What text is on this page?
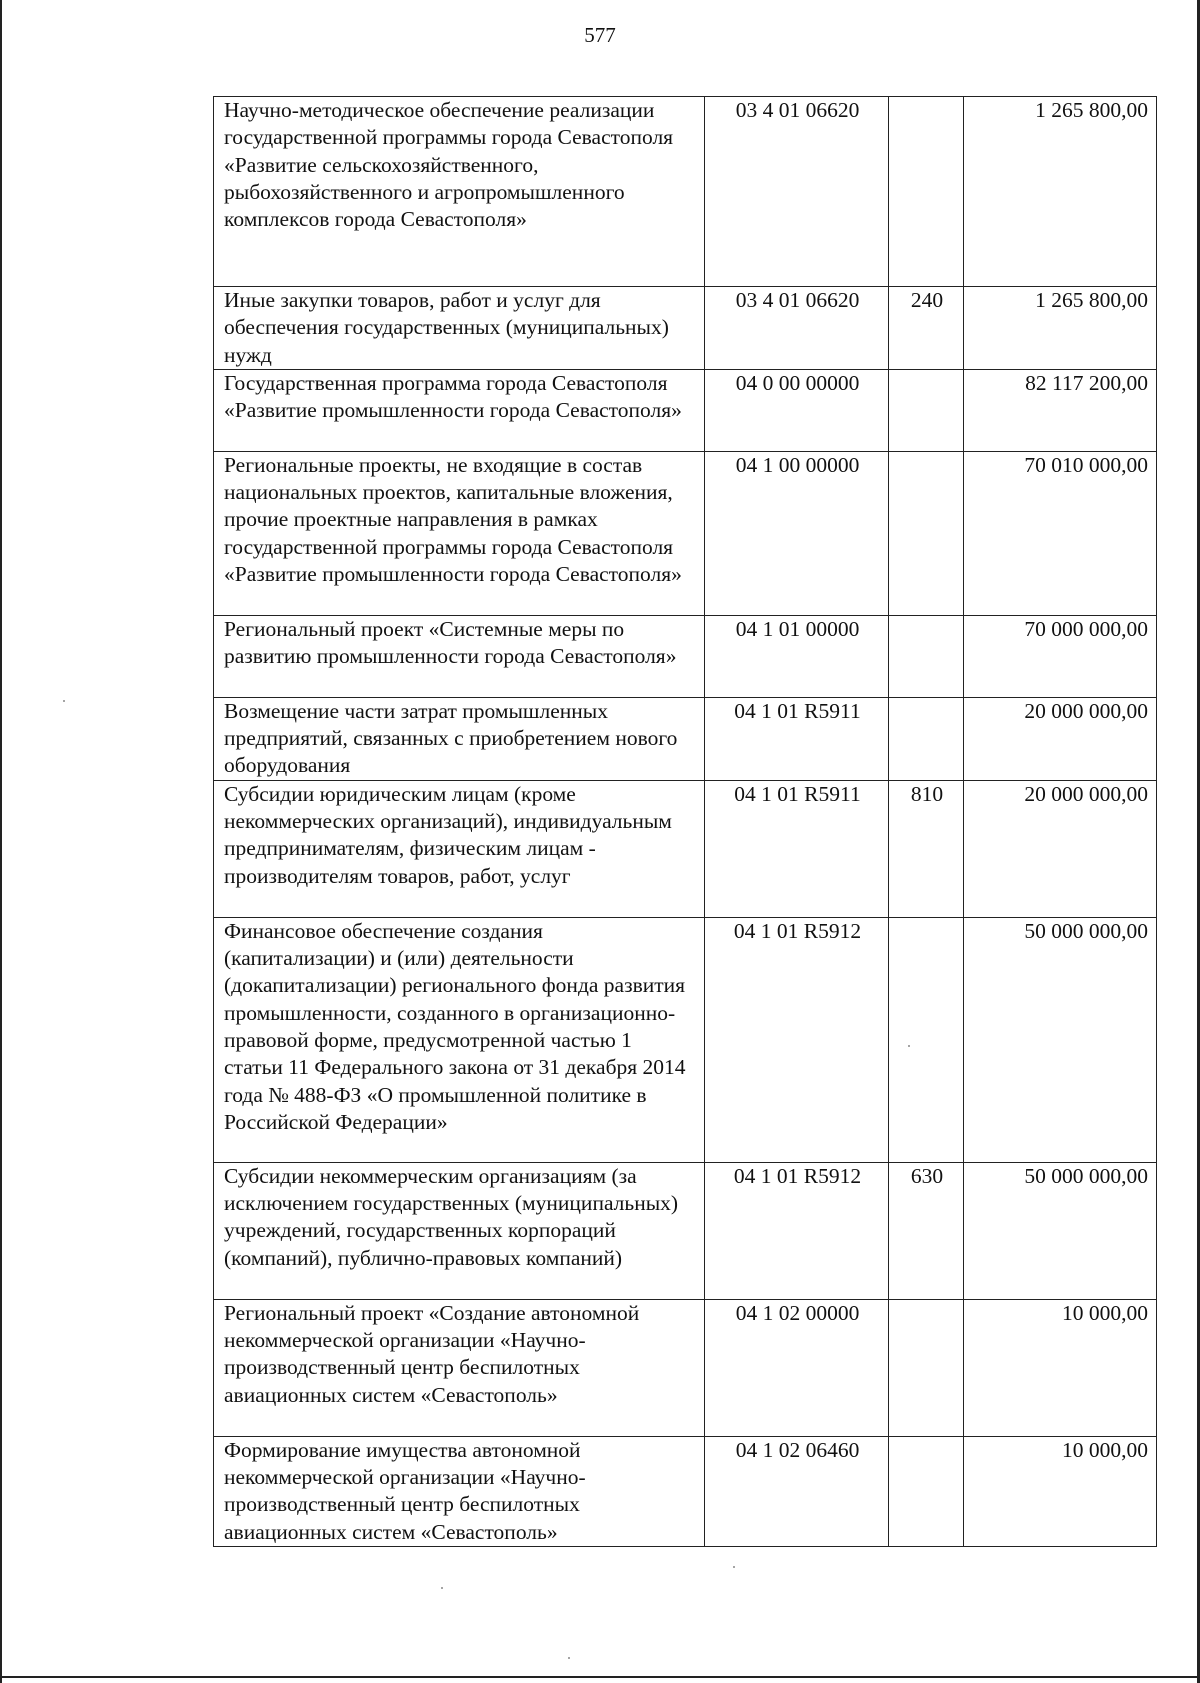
577
Научно-методическое обеспечение реализации государственной программы города Севастополя «Развитие сельскохозяйственного, рыбохозяйственного и агропромышленного комплексов города Севастополя»	03 4 01 06620		1 265 800,00
Иные закупки товаров, работ и услуг для обеспечения государственных (муниципальных) нужд	03 4 01 06620	240	1 265 800,00
Государственная программа города Севастополя «Развитие промышленности города Севастополя»	04 0 00 00000		82 117 200,00
Региональные проекты, не входящие в состав национальных проектов, капитальные вложения, прочие проектные направления в рамках государственной программы города Севастополя «Развитие промышленности города Севастополя»	04 1 00 00000		70 010 000,00
Региональный проект «Системные меры по развитию промышленности города Севастополя»	04 1 01 00000		70 000 000,00
Возмещение части затрат промышленных предприятий, связанных с приобретением нового оборудования	04 1 01 R5911		20 000 000,00
Субсидии юридическим лицам (кроме некоммерческих организаций), индивидуальным предпринимателям, физическим лицам - производителям товаров, работ, услуг	04 1 01 R5911	810	20 000 000,00
Финансовое обеспечение создания (капитализации) и (или) деятельности (докапитализации) регионального фонда развития промышленности, созданного в организационно-правовой форме, предусмотренной частью 1 статьи 11 Федерального закона от 31 декабря 2014 года № 488-ФЗ «О промышленной политике в Российской Федерации»	04 1 01 R5912		50 000 000,00
Субсидии некоммерческим организациям (за исключением государственных (муниципальных) учреждений, государственных корпораций (компаний), публично-правовых компаний)	04 1 01 R5912	630	50 000 000,00
Региональный проект «Создание автономной некоммерческой организации «Научно-производственный центр беспилотных авиационных систем «Севастополь»	04 1 02 00000		10 000,00
Формирование имущества автономной некоммерческой организации «Научно-производственный центр беспилотных авиационных систем «Севастополь»	04 1 02 06460		10 000,00
